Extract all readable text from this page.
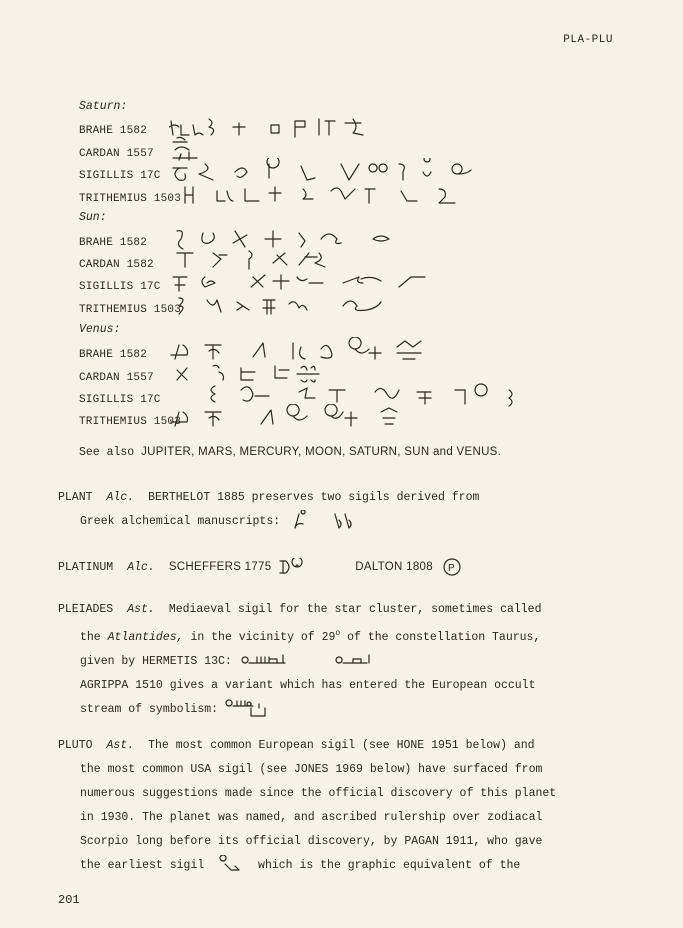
PLA-PLU
Saturn:
BRAHE 1582
CARDAN 1557
SIGILLIS 17C
TRITHEMIUS 1503
Sun:
BRAHE 1582
CARDAN 1582
SIGILLIS 17C
TRITHEMIUS 1503
Venus:
BRAHE 1582
CARDAN 1557
SIGILLIS 17C
TRITHEMIUS 1503
See also JUPITER, MARS, MERCURY, MOON, SATURN, SUN and VENUS.
PLANT Alc. BERTHELOT 1885 preserves two sigils derived from
Greek alchemical manuscripts:
PLATINUM Alc. SCHEFFERS 1775	DALTON 1808 P
PLEIADES Ast. Mediaeval sigil for the star cluster, sometimes called
the Atlantides, in the vicinity of 29$^o$ of the constellation Taurus,
given by HERMETIS 13C:
AGRIPPA 1510 gives a variant which has entered the European occult
stream of symbolism:
PLUTO Ast. The most common European sigil (see HONE 1951 below) and
the most common USA sigil (see JONES 1969 below) have surfaced from
numerous suggestions made since the official discovery of this planet
in 1930. The planet was named, and ascribed rulership over zodiacal
Scorpio long before its official discovery, by PAGAN 1911, who gave
the earliest sigil	which is the graphic equivalent of the
201
